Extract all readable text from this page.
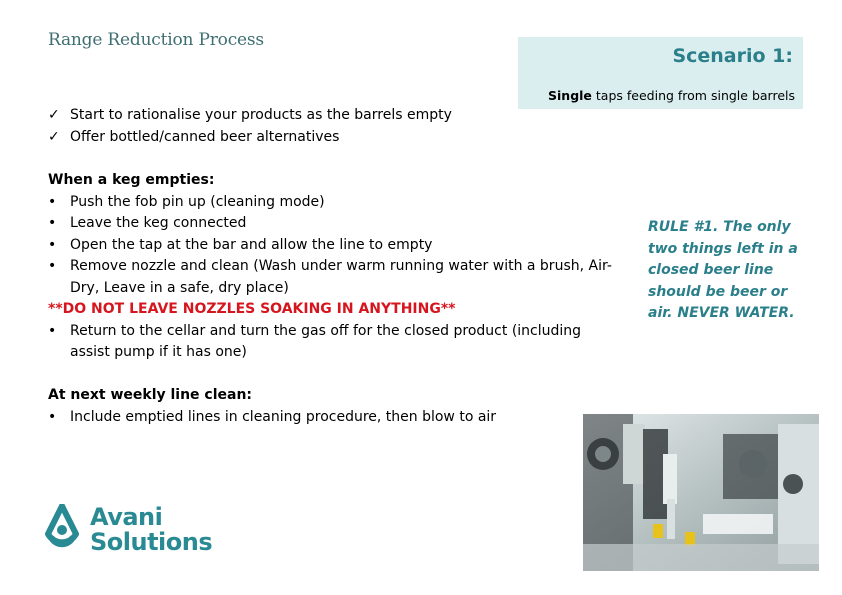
Range Reduction Process
Scenario 1:
Single taps feeding from single barrels
✓ Start to rationalise your products as the barrels empty
✓ Offer bottled/canned beer alternatives
When a keg empties:
• Push the fob pin up (cleaning mode)
• Leave the keg connected
• Open the tap at the bar and allow the line to empty
• Remove nozzle and clean (Wash under warm running water with a brush, Air-Dry, Leave in a safe, dry place)
**DO NOT LEAVE NOZZLES SOAKING IN ANYTHING**
• Return to the cellar and turn the gas off for the closed product (including assist pump if it has one)
At next weekly line clean:
• Include emptied lines in cleaning procedure, then blow to air
RULE #1. The only two things left in a closed beer line should be beer or air. NEVER WATER.
Avani
Solutions
